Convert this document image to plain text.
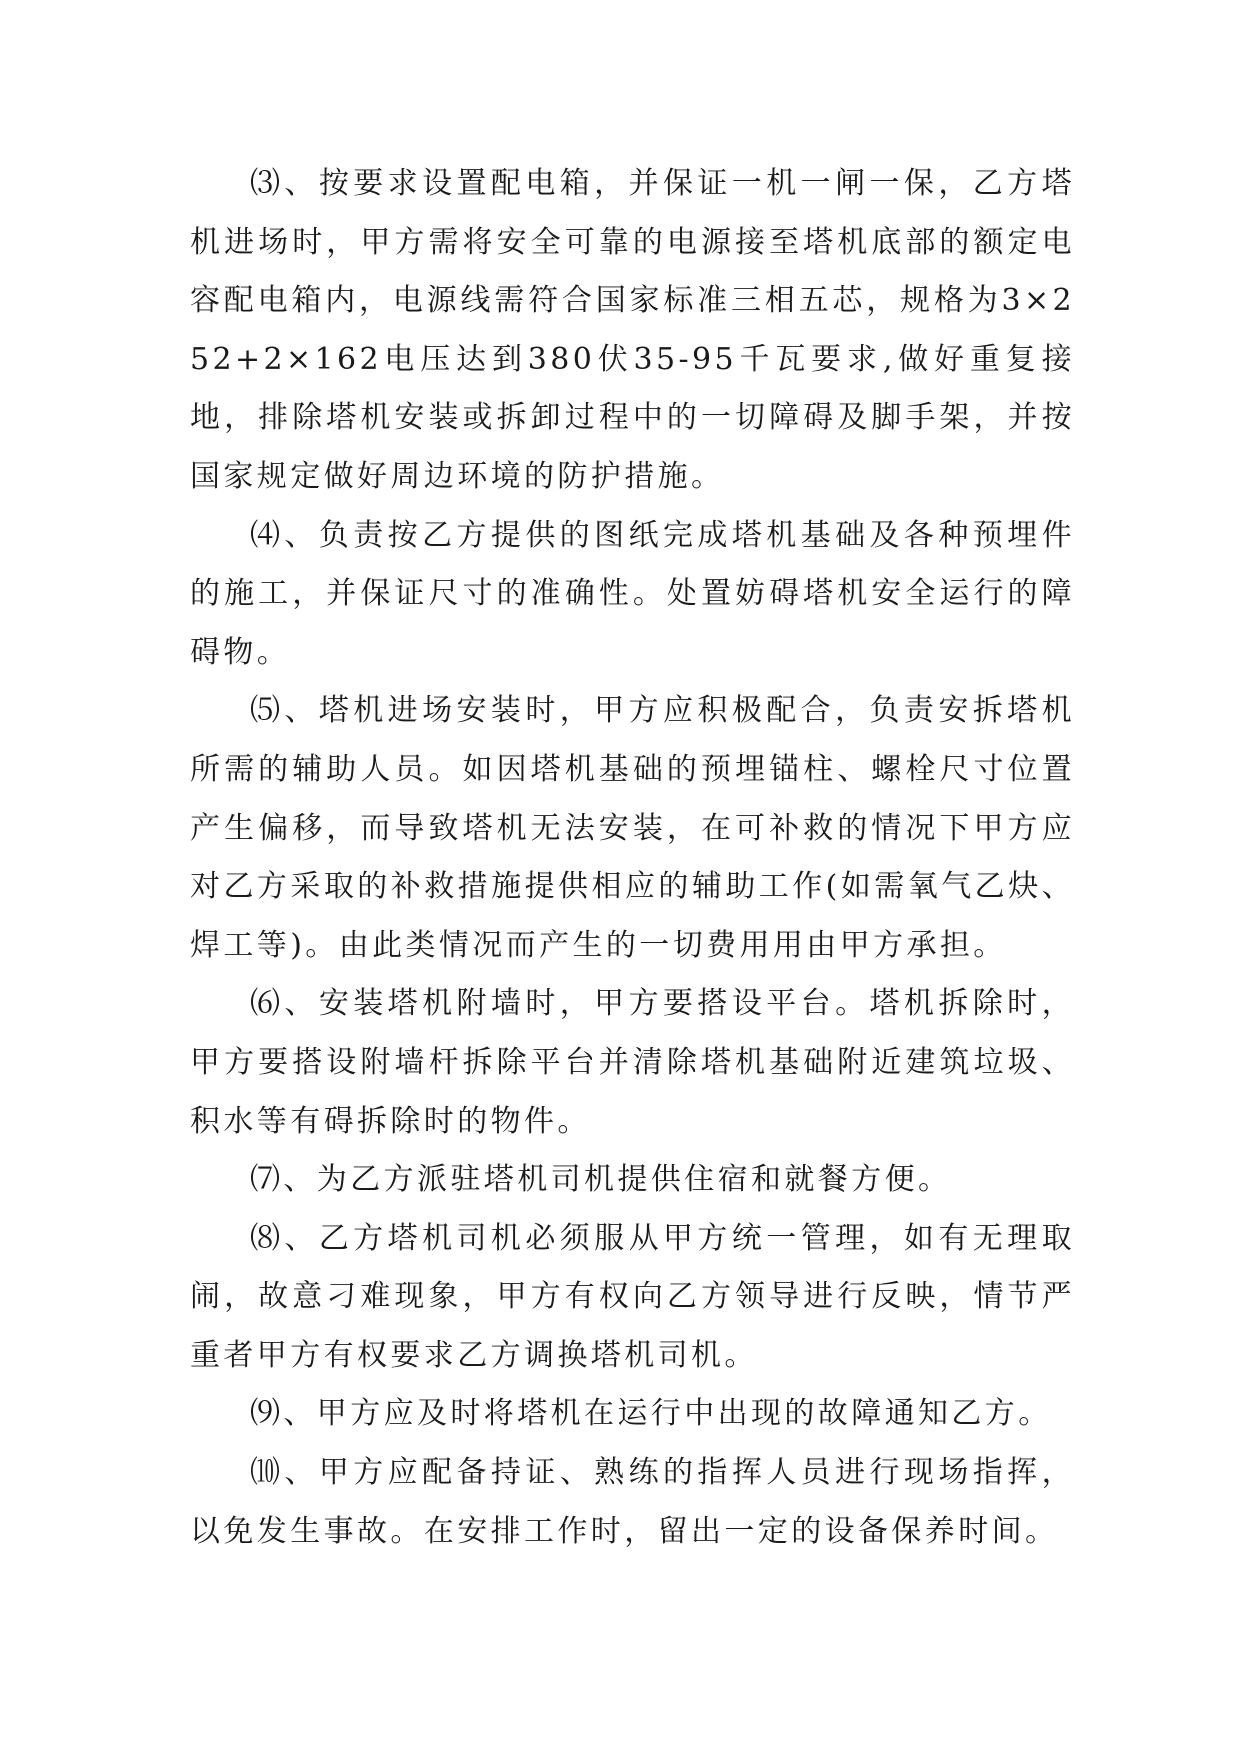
⑶、按要求设置配电箱，并保证一机一闸一保，乙方塔机进场时，甲方需将安全可靠的电源接至塔机底部的额定电容配电箱内，电源线需符合国家标准三相五芯，规格为3×252+2×162电压达到380伏35-95千瓦要求,做好重复接地，排除塔机安装或拆卸过程中的一切障碍及脚手架，并按国家规定做好周边环境的防护措施。

⑷、负责按乙方提供的图纸完成塔机基础及各种预埋件的施工，并保证尺寸的准确性。处置妨碍塔机安全运行的障碍物。

⑸、塔机进场安装时，甲方应积极配合，负责安拆塔机所需的辅助人员。如因塔机基础的预埋锚柱、螺栓尺寸位置产生偏移，而导致塔机无法安装，在可补救的情况下甲方应对乙方采取的补救措施提供相应的辅助工作(如需氧气乙炔、焊工等)。由此类情况而产生的一切费用用由甲方承担。

⑹、安装塔机附墙时，甲方要搭设平台。塔机拆除时，甲方要搭设附墙杆拆除平台并清除塔机基础附近建筑垃圾、积水等有碍拆除时的物件。

⑺、为乙方派驻塔机司机提供住宿和就餐方便。

⑻、乙方塔机司机必须服从甲方统一管理，如有无理取闹，故意刁难现象，甲方有权向乙方领导进行反映，情节严重者甲方有权要求乙方调换塔机司机。

⑼、甲方应及时将塔机在运行中出现的故障通知乙方。

⑽、甲方应配备持证、熟练的指挥人员进行现场指挥，以免发生事故。在安排工作时，留出一定的设备保养时间。
